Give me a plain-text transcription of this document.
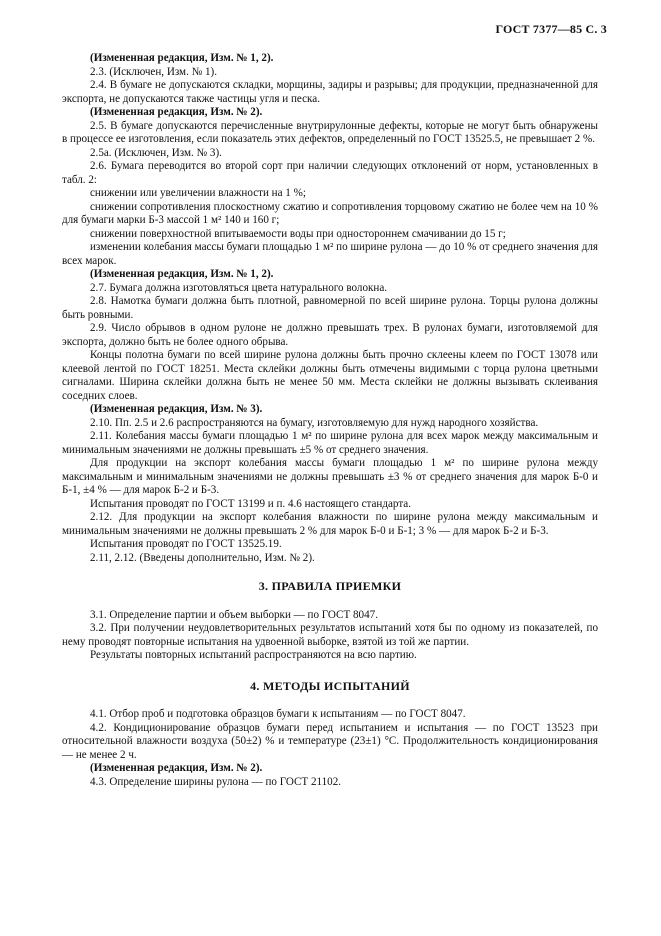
ГОСТ 7377—85 С. 3

(Измененная редакция, Изм. № 1, 2).

2.3. (Исключен, Изм. № 1).

2.4. В бумаге не допускаются складки, морщины, задиры и разрывы; для продукции, предназначенной для экспорта, не допускаются также частицы угля и песка.

(Измененная редакция, Изм. № 2).

2.5. В бумаге допускаются перечисленные внутрирулонные дефекты, которые не могут быть обнаружены в процессе ее изготовления, если показатель этих дефектов, определенный по ГОСТ 13525.5, не превышает 2 %.

2.5а. (Исключен, Изм. № 3).

2.6. Бумага переводится во второй сорт при наличии следующих отклонений от норм, установленных в табл. 2:

снижении или увеличении влажности на 1 %;

снижении сопротивления плоскостному сжатию и сопротивления торцовому сжатию не более чем на 10 % для бумаги марки Б-3 массой 1 м² 140 и 160 г;

снижении поверхностной впитываемости воды при одностороннем смачивании до 15 г;

изменении колебания массы бумаги площадью 1 м² по ширине рулона — до 10 % от среднего значения для всех марок.

(Измененная редакция, Изм. № 1, 2).

2.7. Бумага должна изготовляться цвета натурального волокна.

2.8. Намотка бумаги должна быть плотной, равномерной по всей ширине рулона. Торцы рулона должны быть ровными.

2.9. Число обрывов в одном рулоне не должно превышать трех. В рулонах бумаги, изготовляемой для экспорта, должно быть не более одного обрыва.

Концы полотна бумаги по всей ширине рулона должны быть прочно склеены клеем по ГОСТ 13078 или клеевой лентой по ГОСТ 18251. Места склейки должны быть отмечены видимыми с торца рулона цветными сигналами. Ширина склейки должна быть не менее 50 мм. Места склейки не должны вызывать склеивания соседних слоев.

(Измененная редакция, Изм. № 3).

2.10. Пп. 2.5 и 2.6 распространяются на бумагу, изготовляемую для нужд народного хозяйства.

2.11. Колебания массы бумаги площадью 1 м² по ширине рулона для всех марок между максимальным и минимальным значениями не должны превышать ±5 % от среднего значения.

Для продукции на экспорт колебания массы бумаги площадью 1 м² по ширине рулона между максимальным и минимальным значениями не должны превышать ±3 % от среднего значения для марок Б-0 и Б-1, ±4 % — для марок Б-2 и Б-3.

Испытания проводят по ГОСТ 13199 и п. 4.6 настоящего стандарта.

2.12. Для продукции на экспорт колебания влажности по ширине рулона между максимальным и минимальным значениями не должны превышать 2 % для марок Б-0 и Б-1; 3 % — для марок Б-2 и Б-3.

Испытания проводят по ГОСТ 13525.19.

2.11, 2.12. (Введены дополнительно, Изм. № 2).

3. ПРАВИЛА ПРИЕМКИ

3.1. Определение партии и объем выборки — по ГОСТ 8047.

3.2. При получении неудовлетворительных результатов испытаний хотя бы по одному из показателей, по нему проводят повторные испытания на удвоенной выборке, взятой из той же партии.

Результаты повторных испытаний распространяются на всю партию.

4. МЕТОДЫ ИСПЫТАНИЙ

4.1. Отбор проб и подготовка образцов бумаги к испытаниям — по ГОСТ 8047.

4.2. Кондиционирование образцов бумаги перед испытанием и испытания — по ГОСТ 13523 при относительной влажности воздуха (50±2) % и температуре (23±1) °С. Продолжительность кондиционирования — не менее 2 ч.

(Измененная редакция, Изм. № 2).

4.3. Определение ширины рулона — по ГОСТ 21102.
